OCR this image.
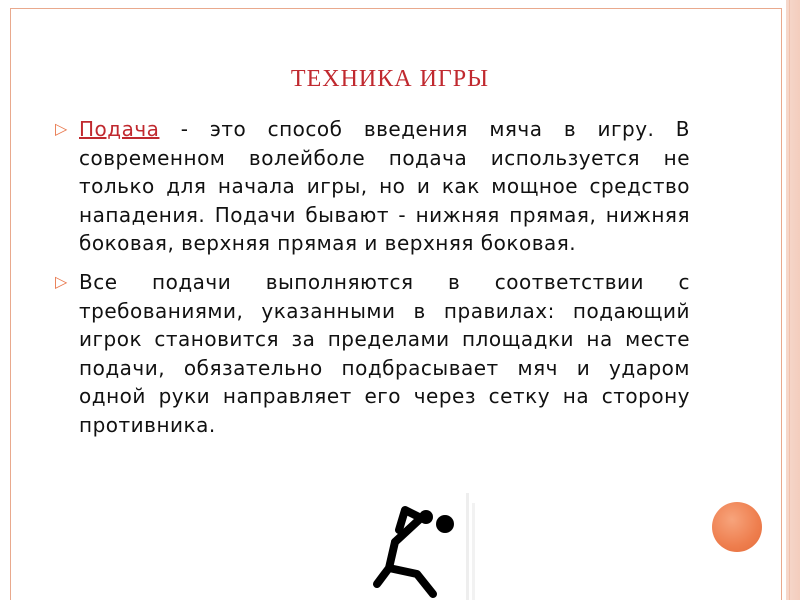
ТЕХНИКА ИГРЫ

▷ Подача - это способ введения мяча в игру. В современном волейболе подача используется не только для начала игры, но и как мощное средство нападения. Подачи бывают - нижняя прямая, нижняя боковая, верхняя прямая и верхняя боковая.

▷ Все подачи выполняются в соответствии с требованиями, указанными в правилах: подающий игрок становится за пределами площадки на месте подачи, обязательно подбрасывает мяч и ударом одной руки направляет его через сетку на сторону противника.
